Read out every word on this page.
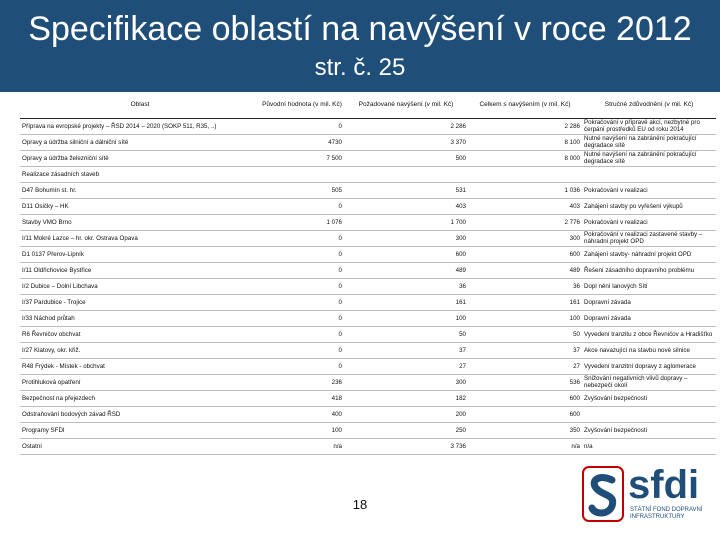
Specifikace oblastí na navýšení v roce 2012
str. č. 25
Oblast	Původní hodnota (v mil. Kč)	Požadované navýšení (v mil. Kč)	Celkem s navýšením (v mil. Kč)	Stručné zdůvodnění (v mil. Kč)
Příprava na evropské projekty – ŘSD 2014 – 2020 (SOKP 511, R35, ..)	0	2 286	2 286	Pokračování v přípravě akcí, nezbytné pro čerpání prostředků EU od roku 2014
Opravy a údržba silniční a dálniční sítě	4730	3 370	8 100	Nutné navýšení na zabránění pokračující degradace sítě
Opravy a údržba železniční sítě	7 500	500	8 000	Nutné navýšení na zabránění pokračující degradace sítě
Realizace zásadních staveb				
D47 Bohumín st. hr.	505	531	1 036	Pokračování v realizaci
D11 Osičky – HK	0	403	403	Zahájení stavby po vyřešení výkupů
Stavby VMO Brno	1 076	1 700	2 776	Pokračování v realizaci
I/11 Mokré Lazce – hr. okr. Ostrava Opava	0	300	300	Pokračování v realizaci zastavené stavby – náhradní projekt OPD
D1 0137 Přerov-Lipník	0	600	600	Zahájení stavby- náhradní projekt OPD
I/11 Oldřichovice Bystřice	0	489	489	Řešení zásadního dopravního problému
I/2 Dubice – Dolní Libchava	0	36	36	Dopl nění lanových Sítí
I/37 Pardubice - Trojice	0	161	161	Dopravní závada
I/33 Náchod průtah	0	100	100	Dopravní závada
R6 Řevničov obchvat	0	50	50	Vyvedení tranzitu z obce Řevničov a Hradišťko
I/27 Klatovy, okr. křiž.	0	37	37	Akce navazující na stavbu nové silnice
R48 Frýdek - Místek - obchvat	0	27	27	Vyvedení tranzitní dopravy z aglomerace
Protihluková opatření	236	300	536	Snižování negativních vlivů dopravy – nebezpečí okolí
Bezpečnost na přejezdech	418	182	600	Zvyšování bezpečnosti
Odstraňování bodových závad ŘSD	400	200	600	
Programy SFDI	100	250	350	Zvyšování bezpečnosti
Ostatní	n/a	3 736	n/a	n/a
18	sfdi
STÁTNÍ FOND DOPRAVNÍ INFRASTRUKTURY
